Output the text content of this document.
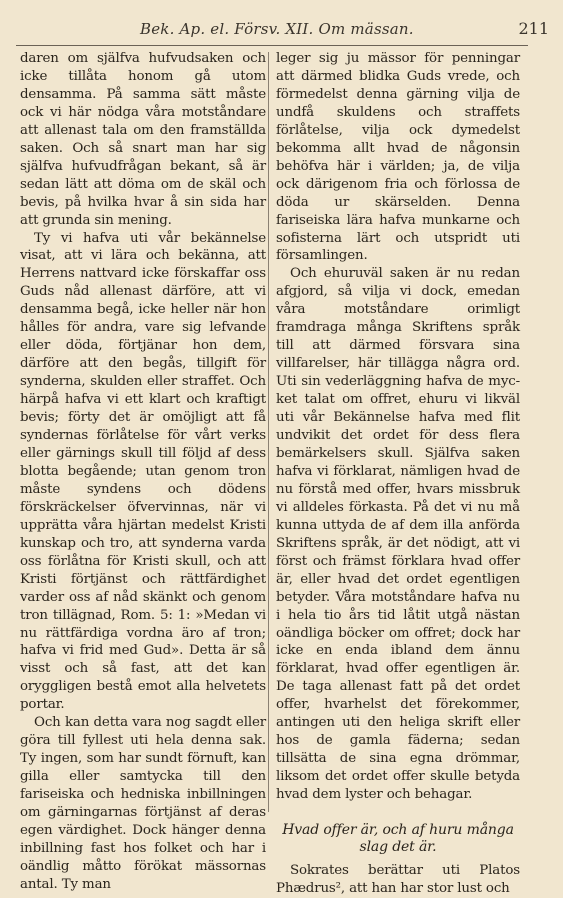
Bek. Ap. el. Försv. XII. Om mässan.	211

daren om själfva hufvudsaken och icke tillåta honom gå utom densamma. På samma sätt måste ock vi här nödga våra motståndare att allenast tala om den framställda saken. Och så snart man har sig själfva hufvudfrågan bekant, så är sedan lätt att döma om de skäl och bevis, på hvilka hvar å sin sida har att grunda sin mening.

Ty vi hafva uti vår bekännelse visat, att vi lära och bekänna, att Herrens nattvard icke förskaffar oss Guds nåd allenast därföre, att vi densamma begå, icke heller när hon hålles för andra, vare sig lefvande eller döda, förtjänar hon dem, därföre att den begås, tillgift för synderna, skulden eller straffet. Och härpå hafva vi ett klart och kraftigt bevis; förty det är omöjligt att få syndernas förlåtelse för vårt verks eller gärnings skull till följd af dess blotta begående; utan genom tron måste syndens och dödens förskräckelser öfvervinnas, när vi upprätta våra hjärtan medelst Kristi kunskap och tro, att synderna varda oss förlåtna för Kristi skull, och att Kristi förtjänst och rättfärdighet varder oss af nåd skänkt och genom tron tillägnad, Rom. 5: 1: »Medan vi nu rättfärdiga vordna äro af tron; hafva vi frid med Gud». Detta är så visst och så fast, att det kan oryggligen bestå emot alla helvetets portar.

Och kan detta vara nog sagdt eller göra till fyllest uti hela denna sak. Ty ingen, som har sundt förnuft, kan gilla eller samtycka till den fariseiska och hedniska inbillningen om gärningarnas förtjänst af deras egen värdighet. Dock hänger denna inbillning fast hos folket och har i oändlig måtto förökat mässornas antal. Ty man

leger sig ju mässor för penningar att därmed blidka Guds vrede, och förmedelst denna gärning vilja de undfå skuldens och straffets förlåtelse, vilja ock dymedelst bekomma allt hvad de någonsin behöfva här i världen; ja, de vilja ock därigenom fria och förlossa de döda ur skärselden. Denna fariseiska lära hafva munkarne och sofisterna lärt och utspridt uti församlingen.

Och ehuruväl saken är nu redan afgjord, så vilja vi dock, emedan våra motståndare orimligt framdraga många Skriftens språk till att därmed försvara sina villfarelser, här tillägga några ord. Uti sin vederläggning hafva de myc- ket talat om offret, ehuru vi likväl uti vår Bekännelse hafva med flit undvikit det ordet för dess flera bemärkelsers skull. Själfva saken hafva vi förklarat, nämligen hvad de nu förstå med offer, hvars missbruk vi alldeles förkasta. På det vi nu må kunna uttyda de af dem illa anförda Skriftens språk, är det nödigt, att vi först och främst förklara hvad offer är, eller hvad det ordet egentligen betyder. Våra motståndare hafva nu i hela tio års tid låtit utgå nästan oändliga böcker om offret; dock har icke en enda ibland dem ännu förklarat, hvad offer egentligen är. De taga allenast fatt på det ordet offer, hvarhelst det förekommer, antingen uti den heliga skrift eller hos de gamla fäderna; sedan tillsätta de sina egna drömmar, liksom det ordet offer skulle betyda hvad dem lyster och behagar.

Hvad offer är, och af huru många slag det är.

Sokrates berättar uti Platos Phædrus², att han har stor lust och
